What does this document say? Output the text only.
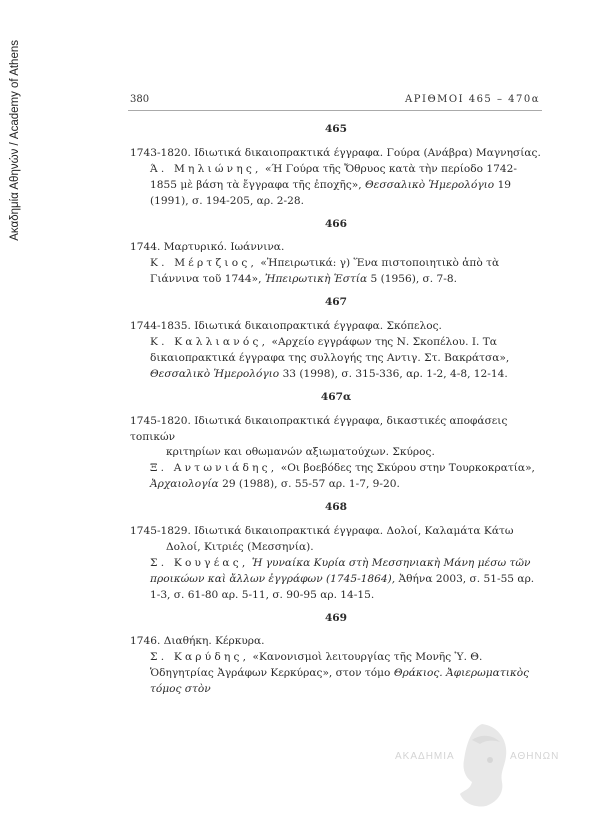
Ακαδημία Αθηνών / Academy of Athens	380	ΑΡΙΘΜΟΙ 465 – 470α
465
1743-1820. Ιδιωτικά δικαιοπρακτικά έγγραφα. Γούρα (Ανάβρα) Μαγνησίας.
Ά. Μηλιώνης, «Ή Γούρα τῆς Ὄθρυος κατὰ τὴν περίοδο 1742-1855 μὲ βάση τὰ ἔγγραφα τῆς ἐποχῆς», Θεσσαλικὸ Ἡμερολόγιο 19 (1991), σ. 194-205, αρ. 2-28.
466
1744. Μαρτυρικό. Ιωάννινα.
Κ. Μέρτζιος, «Ἠπειρωτικά: γ) Ἕνα πιστοποιητικὸ ἀπὸ τὰ Γιάννινα τοῦ 1744», Ἠπειρωτικὴ Ἑστία 5 (1956), σ. 7-8.
467
1744-1835. Ιδιωτικά δικαιοπρακτικά έγγραφα. Σκόπελος.
Κ. Καλλιανός, «Αρχείο εγγράφων της Ν. Σκοπέλου. Ι. Τα δικαιοπρακτικά έγγραφα της συλλογής της Αντιγ. Στ. Βακράτσα», Θεσσαλικὸ Ἡμερολόγιο 33 (1998), σ. 315-336, αρ. 1-2, 4-8, 12-14.
467α
1745-1820. Ιδιωτικά δικαιοπρακτικά έγγραφα, δικαστικές αποφάσεις τοπικών
κριτηρίων και οθωμανών αξιωματούχων. Σκύρος.
Ξ. Αντωνιάδης, «Οι βοεβόδες της Σκύρου στην Τουρκοκρατία», Ἀρχαιολογία 29 (1988), σ. 55-57 αρ. 1-7, 9-20.
468
1745-1829. Ιδιωτικά δικαιοπρακτικά έγγραφα. Δολοί, Καλαμάτα Κάτω
Δολοί, Κιτριές (Μεσσηνία).
Σ. Κουγέας, Ἡ γυναίκα Κυρία στὴ Μεσσηνιακὴ Μάνη μέσω τῶν προικώων καὶ ἄλλων ἐγγράφων (1745-1864), Ἀθήνα 2003, σ. 51-55 αρ. 1-3, σ. 61-80 αρ. 5-11, σ. 90-95 αρ. 14-15.
469
1746. Διαθήκη. Κέρκυρα.
Σ. Καρύδης, «Κανονισμοὶ λειτουργίας τῆς Μονῆς Ὑ. Θ. Ὁδηγητρίας Ἀγράφων Κερκύρας», στον τόμο Θράκιος. Ἀφιερωματικὸς τόμος στὸν
ΑΚΑΔΗΜΙΑ	ΑΘΗΝΩΝ
